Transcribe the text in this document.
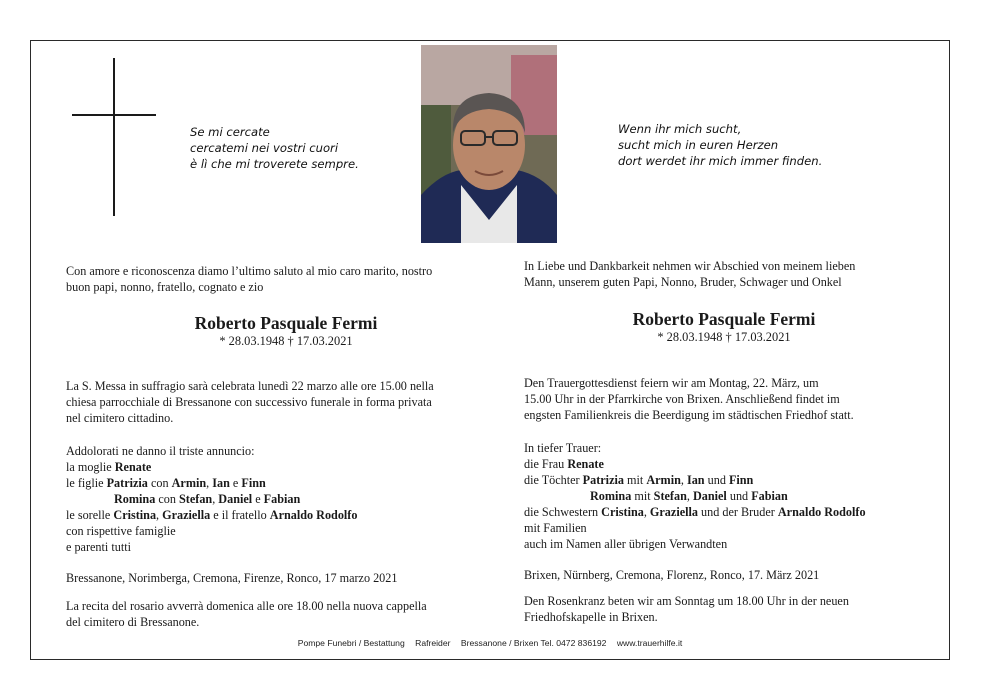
Se mi cercate
cercatemi nei vostri cuori
è lì che mi troverete sempre.
Wenn ihr mich sucht,
sucht mich in euren Herzen
dort werdet ihr mich immer finden.
Con amore e riconoscenza diamo l’ultimo saluto al mio caro marito, nostro
buon papi, nonno, fratello, cognato e zio
Roberto Pasquale Fermi
* 28.03.1948 † 17.03.2021
La S. Messa in suffragio sarà celebrata lunedì 22 marzo alle ore 15.00 nella
chiesa parrocchiale di Bressanone con successivo funerale in forma privata
nel cimitero cittadino.
Addolorati ne danno il triste annuncio:
la moglie Renate
le figlie Patrizia con Armin, Ian e Finn
Romina con Stefan, Daniel e Fabian
le sorelle Cristina, Graziella e il fratello Arnaldo Rodolfo
con rispettive famiglie
e parenti tutti
Bressanone, Norimberga, Cremona, Firenze, Ronco, 17 marzo 2021
La recita del rosario avverrà domenica alle ore 18.00 nella nuova cappella
del cimitero di Bressanone.
In Liebe und Dankbarkeit nehmen wir Abschied von meinem lieben
Mann, unserem guten Papi, Nonno, Bruder, Schwager und Onkel
Roberto Pasquale Fermi
* 28.03.1948 † 17.03.2021
Den Trauergottesdienst feiern wir am Montag, 22. März, um
15.00 Uhr in der Pfarrkirche von Brixen. Anschließend findet im
engsten Familienkreis die Beerdigung im städtischen Friedhof statt.
In tiefer Trauer:
die Frau Renate
die Töchter Patrizia mit Armin, Ian und Finn
Romina mit Stefan, Daniel und Fabian
die Schwestern Cristina, Graziella und der Bruder Arnaldo Rodolfo
mit Familien
auch im Namen aller übrigen Verwandten
Brixen, Nürnberg, Cremona, Florenz, Ronco, 17. März 2021
Den Rosenkranz beten wir am Sonntag um 18.00 Uhr in der neuen
Friedhofskapelle in Brixen.
Pompe Funebri / Bestattung Rafreider Bressanone / Brixen Tel. 0472 836192 www.trauerhilfe.it
